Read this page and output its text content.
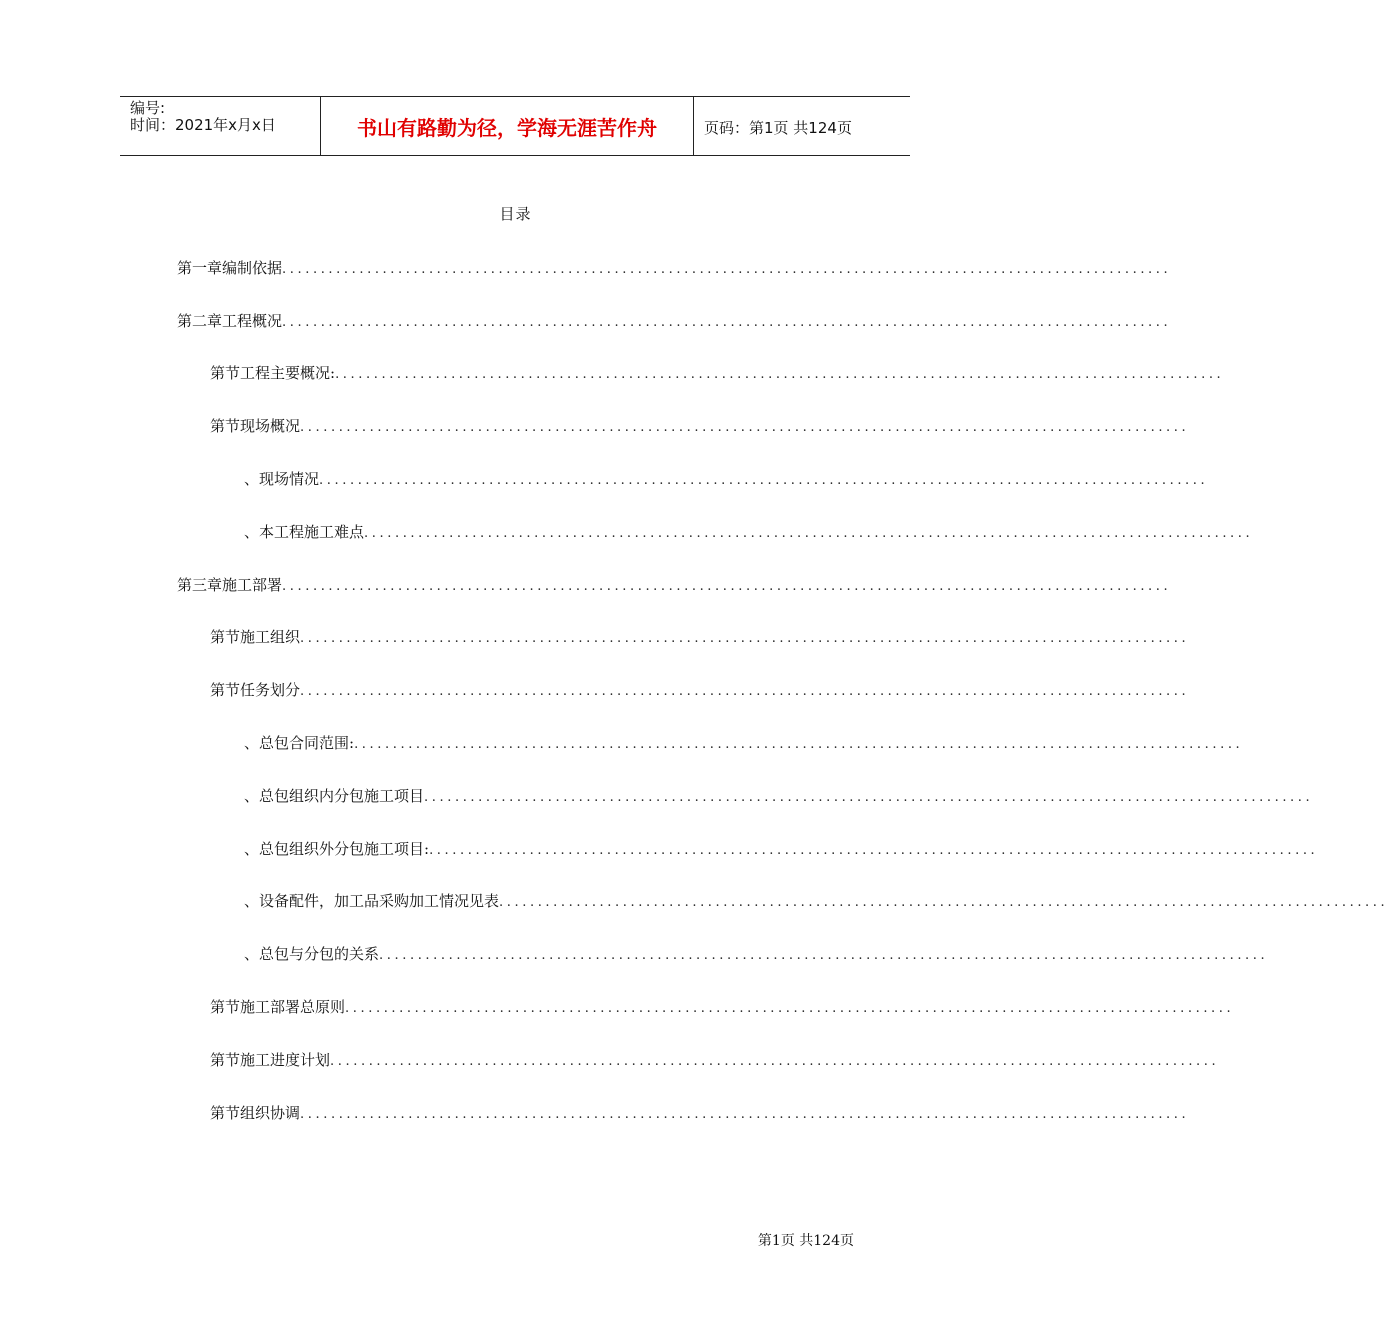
编号:
时间：2021年x月x日	书山有路勤为径，学海无涯苦作舟	页码：第1页 共124页
目录
第一章 编制依据 ...................................................................................................................
第二章 工程概况 ...................................................................................................................
第节 工程主要概况: ...................................................................................................................
第节 现场概况 ...................................................................................................................
、 现场情况 ...................................................................................................................
、 本工程施工难点 ...................................................................................................................
第三章 施工部署 ...................................................................................................................
第节 施工组织 ...................................................................................................................
第节 任务划分 ...................................................................................................................
、 总包合同范围: ...................................................................................................................
、 总包组织内分包施工项目 ...................................................................................................................
、 总包组织外分包施工项目: ...................................................................................................................
、 设备配件，加工品采购加工情况见表 ...................................................................................................................
、 总包与分包的关系 ...................................................................................................................
第节 施工部署总原则 ...................................................................................................................
第节 施工进度计划 ...................................................................................................................
第节 组织协调 ...................................................................................................................
第1页 共124页
